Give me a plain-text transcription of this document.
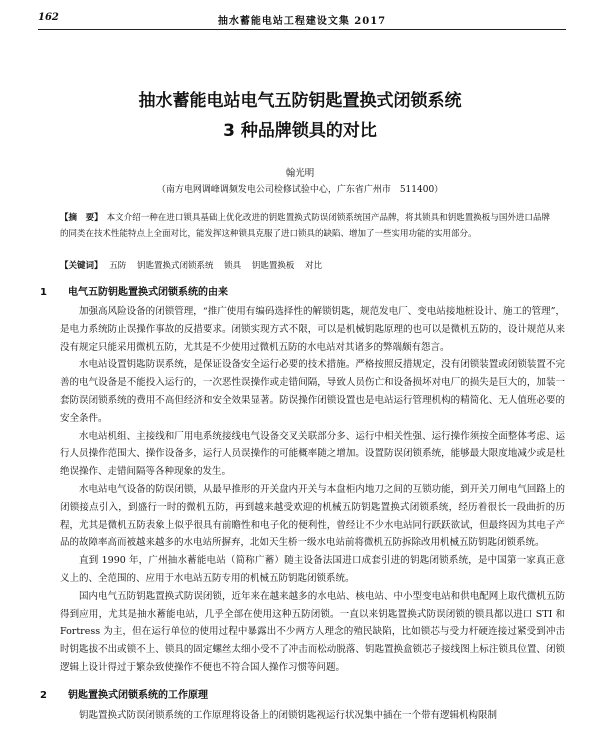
162	抽水蓄能电站工程建设文集 2017
抽水蓄能电站电气五防钥匙置换式闭锁系统
3 种品牌锁具的对比
翰光明
（南方电网调峰调频发电公司检修试验中心，广东省广州市　511400）
【摘　要】 本文介绍一种在进口锁具基础上优化改进的钥匙置换式防误闭锁系统国产品牌，将其锁具和钥匙置换板与国外进口品牌的同类在技术性能特点上全面对比，能发挥这种锁具克服了进口锁具的缺陷、增加了一些实用功能的实用部分。
【关键词】 五防 钥匙置换式闭锁系统 锁具 钥匙置换板 对比
1 电气五防钥匙置换式闭锁系统的由来

加强高风险设备的闭锁管理，“推广使用有编码选择性的解锁钥匙，规范发电厂、变电站接地桩设计、施工的管理”，是电力系统防止误操作事故的反措要求。闭锁实现方式不限，可以是机械钥匙原理的也可以是微机五防的，设计规范从来没有规定只能采用微机五防，尤其是不少使用过微机五防的水电站对其诸多的弊端颇有怨言。

水电站设置钥匙防误系统，是保证设备安全运行必要的技术措施。严格按照反措规定，没有闭锁装置或闭锁装置不完善的电气设备是不能投入运行的，一次恶性误操作或走错间隔，导致人员伤亡和设备损坏对电厂的损失是巨大的，加装一套防误闭锁系统的费用不高但经济和安全效果显著。防误操作闭锁设置也是电站运行管理机构的精简化、无人值班必要的安全条件。

水电站机组、主接线和厂用电系统接线电气设备交叉关联部分多、运行中相关性强、运行操作须按全面整体考虑、运行人员操作范围大、操作设备多，运行人员误操作的可能概率随之增加。设置防误闭锁系统，能够最大限度地减少或是杜绝误操作、走错间隔等各种现象的发生。

水电站电气设备的防误闭锁，从最早推形的开关盘内开关与本盘柜内地刀之间的互锁功能，到开关刀闸电气回路上的闭锁接点引入，到盛行一时的微机五防，再到越来越受欢迎的机械五防钥匙置换式闭锁系统，经历着很长一段曲折的历程，尤其是微机五防表象上似乎很具有前瞻性和电子化的便利性，曾经让不少水电站同行跃跃欲试，但最终因为其电子产品的故障率高而被越来越多的水电站所摒弃，北如天生桥一级水电站前将微机五防拆除改用机械五防钥匙闭锁系统。

直到 1990 年，广州抽水蓄能电站（简称广蓄）随主设备法国进口成套引进的钥匙闭锁系统，是中国第一家真正意义上的、全范围的、应用于水电站五防专用的机械五防钥匙闭锁系统。

国内电气五防钥匙置换式防误闭锁，近年来在越来越多的水电站、核电站、中小型变电站和供电配网上取代微机五防得到应用，尤其是抽水蓄能电站，几乎全部在使用这种五防闭锁。一直以来钥匙置换式防误闭锁的锁具都以进口 STI 和 Fortress 为主，但在运行单位的使用过程中暴露出不少两方人理念的殖民缺陷，比如锁芯与受力杆硬连接过紧受到冲击时钥匙拔不出或锁不上、锁具的固定螺丝太细小受不了冲击而松动脱落、钥匙置换盒锁芯子接线图上标注锁具位置、闭锁逻辑上设计得过于繁杂致使操作不便也不符合国人操作习惯等问题。

2 钥匙置换式闭锁系统的工作原理

钥匙置换式防误闭锁系统的工作原理将设备上的闭锁钥匙视运行状况集中插在一个带有逻辑机构限制
